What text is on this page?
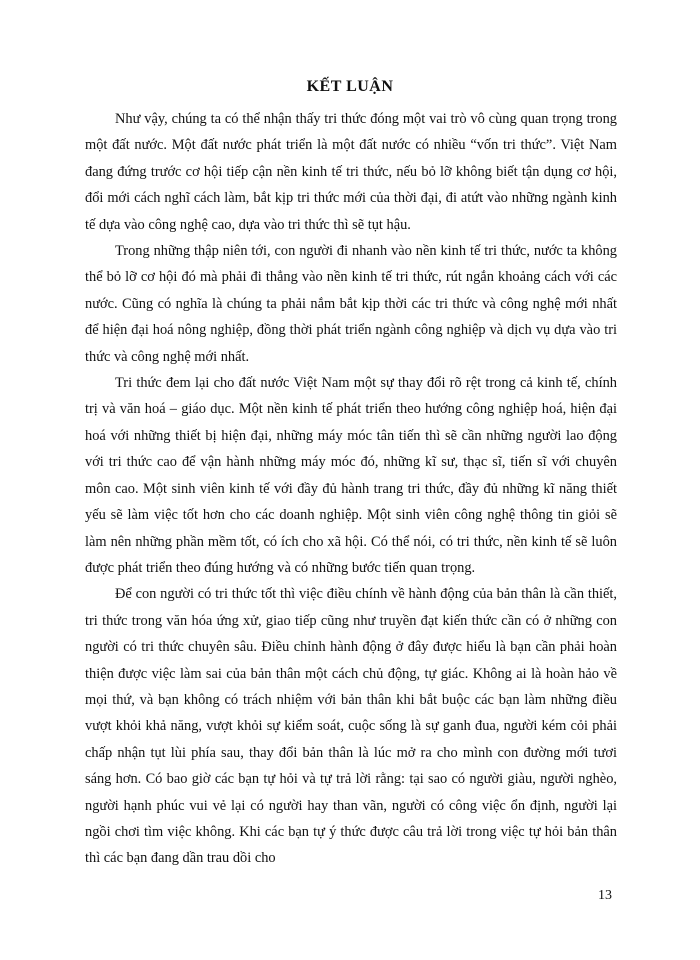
KẾT LUẬN

Như vậy, chúng ta có thể nhận thấy tri thức đóng một vai trò vô cùng quan trọng trong một đất nước. Một đất nước phát triển là một đất nước có nhiều “vốn tri thức”. Việt Nam đang đứng trước cơ hội tiếp cận nền kinh tế tri thức, nếu bỏ lỡ không biết tận dụng cơ hội, đổi mới cách nghĩ cách làm, bắt kịp tri thức mới của thời đại, đi atứt vào những ngành kinh tế dựa vào công nghệ cao, dựa vào tri thức thì sẽ tụt hậu.

Trong những thập niên tới, con người đi nhanh vào nền kinh tế tri thức, nước ta không thể bỏ lỡ cơ hội đó mà phải đi thẳng vào nền kinh tế tri thức, rút ngắn khoảng cách với các nước. Cũng có nghĩa là chúng ta phải nắm bắt kịp thời các tri thức và công nghệ mới nhất để hiện đại hoá nông nghiệp, đồng thời phát triển ngành công nghiệp và dịch vụ dựa vào tri thức và công nghệ mới nhất.

Tri thức đem lại cho đất nước Việt Nam một sự thay đổi rõ rệt trong cả kinh tế, chính trị và văn hoá – giáo dục. Một nền kinh tế phát triển theo hướng công nghiệp hoá, hiện đại hoá với những thiết bị hiện đại, những máy móc tân tiến thì sẽ cần những người lao động với tri thức cao để vận hành những máy móc đó, những kĩ sư, thạc sĩ, tiến sĩ với chuyên môn cao. Một sinh viên kinh tế với đầy đủ hành trang tri thức, đầy đủ những kĩ năng thiết yếu sẽ làm việc tốt hơn cho các doanh nghiệp. Một sinh viên công nghệ thông tin giỏi sẽ làm nên những phần mềm tốt, có ích cho xã hội. Có thể nói, có tri thức, nền kinh tế sẽ luôn được phát triển theo đúng hướng và có những bước tiến quan trọng.

Để con người có tri thức tốt thì việc điều chính về hành động của bản thân là cần thiết, tri thức trong văn hóa ứng xử, giao tiếp cũng như truyền đạt kiến thức cần có ở những con người có tri thức chuyên sâu. Điều chỉnh hành động ở đây được hiểu là bạn cần phải hoàn thiện được việc làm sai của bản thân một cách chủ động, tự giác. Không ai là hoàn hảo về mọi thứ, và bạn không có trách nhiệm với bản thân khi bắt buộc các bạn làm những điều vượt khỏi khả năng, vượt khỏi sự kiểm soát, cuộc sống là sự ganh đua, người kém cỏi phải chấp nhận tụt lùi phía sau, thay đổi bản thân là lúc mở ra cho mình con đường mới tươi sáng hơn. Có bao giờ các bạn tự hỏi và tự trả lời rằng: tại sao có người giàu, người nghèo, người hạnh phúc vui vẻ lại có người hay than vãn, người có công việc ổn định, người lại ngồi chơi tìm việc không. Khi các bạn tự ý thức được câu trả lời trong việc tự hỏi bản thân thì các bạn đang dần trau dồi cho

13
